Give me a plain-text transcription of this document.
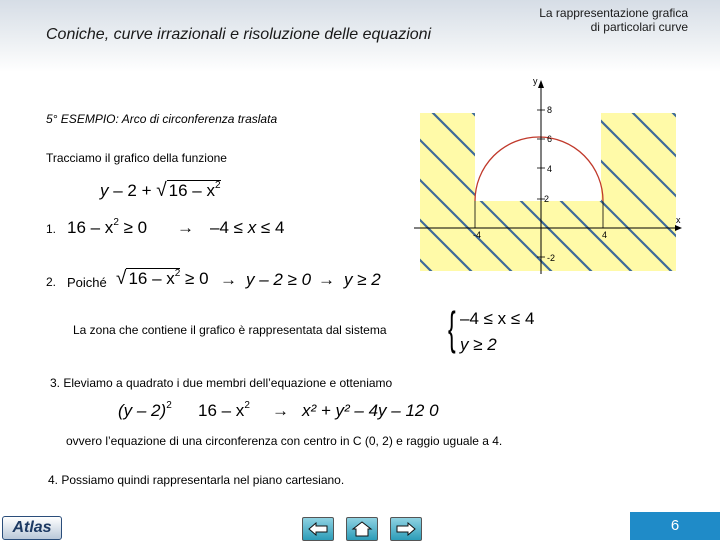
Coniche, curve irrazionali e risoluzione delle equazioni
La rappresentazione grafica
di particolari curve
x
y
-4	4
8
6
4
2
-2
5° ESEMPIO: Arco di circonferenza traslata
Tracciamo il grafico della funzione
y – 2 + √ $16 - x^2$
1. $16 - x^2 \ge 0 \to -4 \le x \le 4$
2. Poiché √ $16 - x^2 \ge 0 \to y - 2 \ge 0 \to y \ge 2$
La zona che contiene il grafico è rappresentata dal sistema { –4 ≤ x ≤ 4
y ≥ 2
3. Eleviamo a quadrato i due membri dell’equazione e otteniamo
(y – 2)$^2$ $16 - x^2 \to x^2 + y^2 - 4y - 12$ 0
ovvero l’equazione di una circonferenza con centro in C (0, 2) e raggio uguale a 4.
4. Possiamo quindi rappresentarla nel piano cartesiano.
Atlas	6
